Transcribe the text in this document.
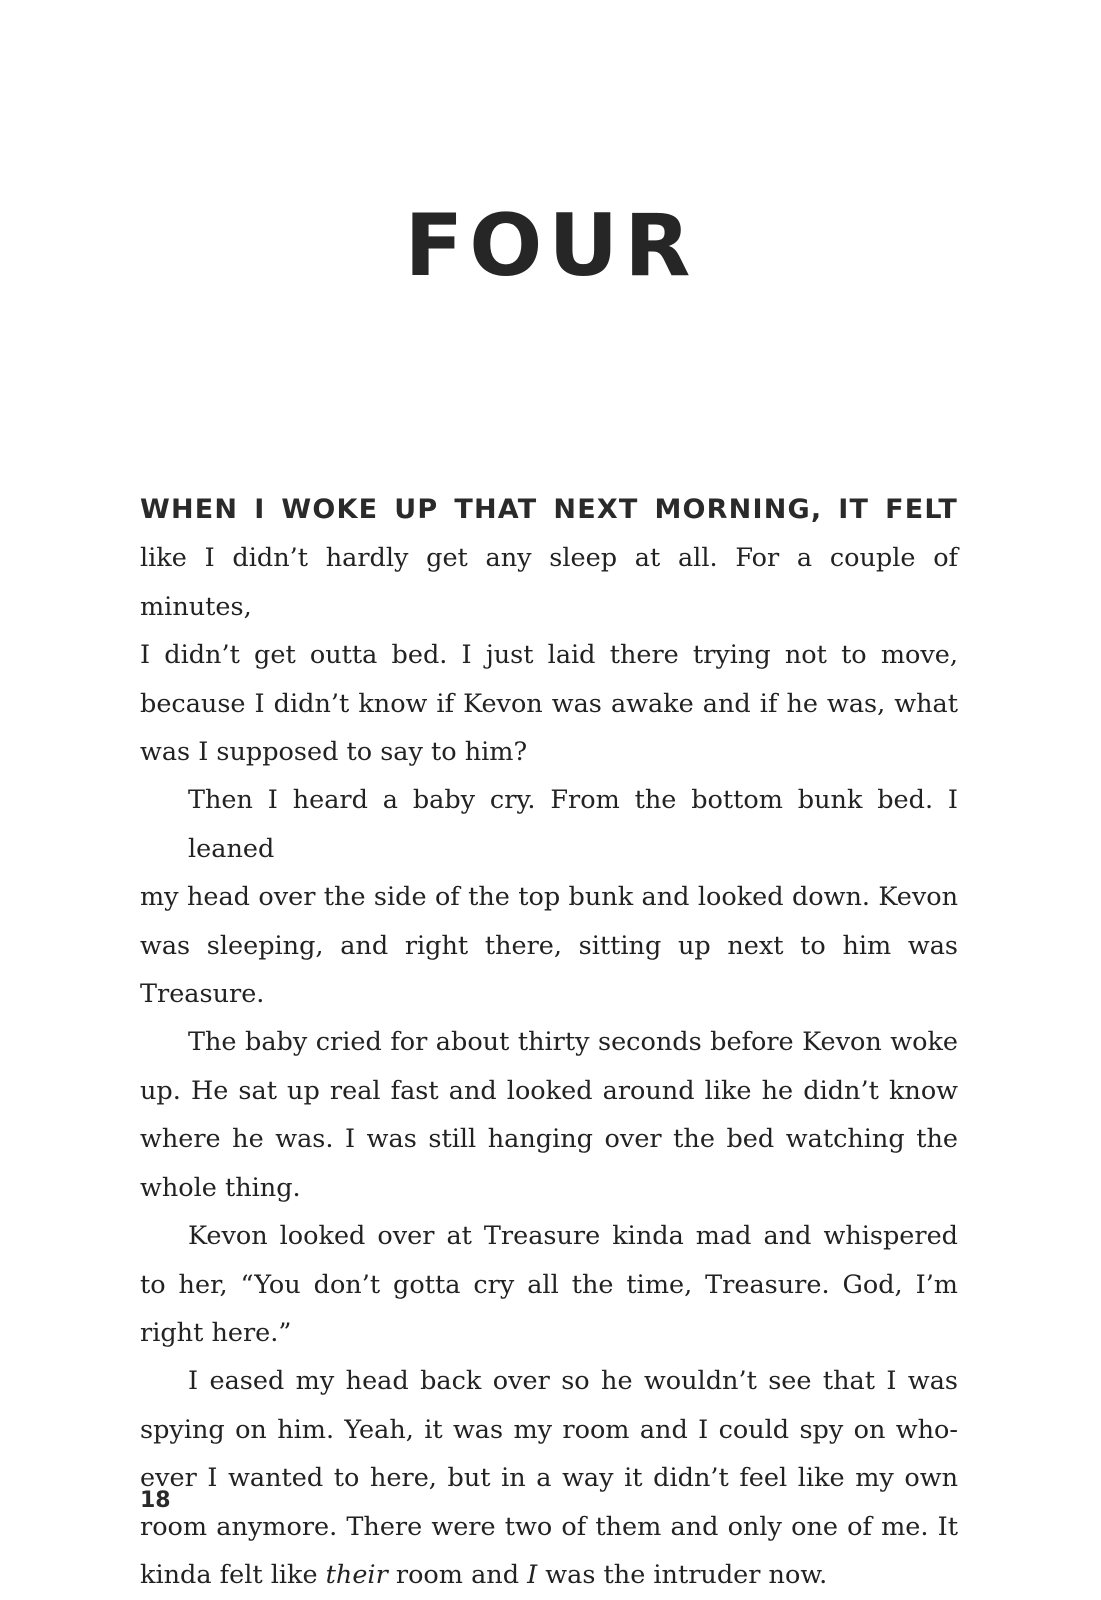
FOUR

WHEN I WOKE UP THAT NEXT MORNING, IT FELT
like I didn’t hardly get any sleep at all. For a couple of minutes,
I didn’t get outta bed. I just laid there trying not to move,
because I didn’t know if Kevon was awake and if he was, what
was I supposed to say to him?

Then I heard a baby cry. From the bottom bunk bed. I leaned
my head over the side of the top bunk and looked down. Kevon
was sleeping, and right there, sitting up next to him was Treasure.

The baby cried for about thirty seconds before Kevon woke
up. He sat up real fast and looked around like he didn’t know
where he was. I was still hanging over the bed watching the
whole thing.

Kevon looked over at Treasure kinda mad and whispered
to her, “You don’t gotta cry all the time, Treasure. God, I’m
right here.”

I eased my head back over so he wouldn’t see that I was
spying on him. Yeah, it was my room and I could spy on who-
ever I wanted to here, but in a way it didn’t feel like my own
room anymore. There were two of them and only one of me. It
kinda felt like their room and I was the intruder now.

18
